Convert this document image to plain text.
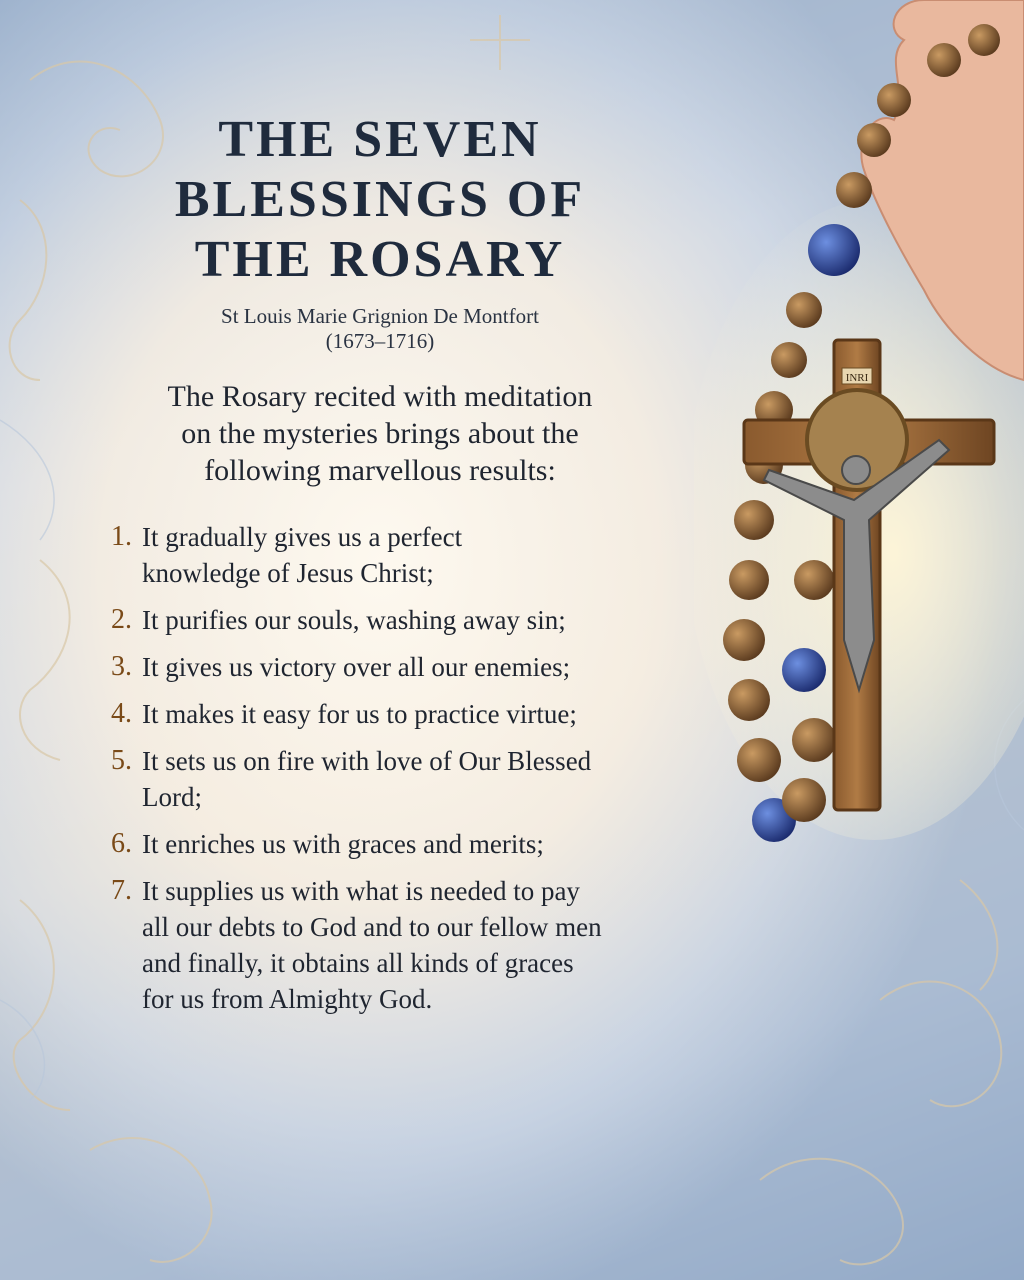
INRI
THE SEVEN
BLESSINGS OF
THE ROSARY
St Louis Marie Grignion De Montfort
(1673–1716)

The Rosary recited with meditation
on the mysteries brings about the
following marvellous results:

1. It gradually gives us a perfect
knowledge of Jesus Christ;
2. It purifies our souls, washing away sin;
3. It gives us victory over all our enemies;
4. It makes it easy for us to practice virtue;
5. It sets us on fire with love of Our Blessed
Lord;
6. It enriches us with graces and merits;
7. It supplies us with what is needed to pay
all our debts to God and to our fellow men
and finally, it obtains all kinds of graces
for us from Almighty God.
